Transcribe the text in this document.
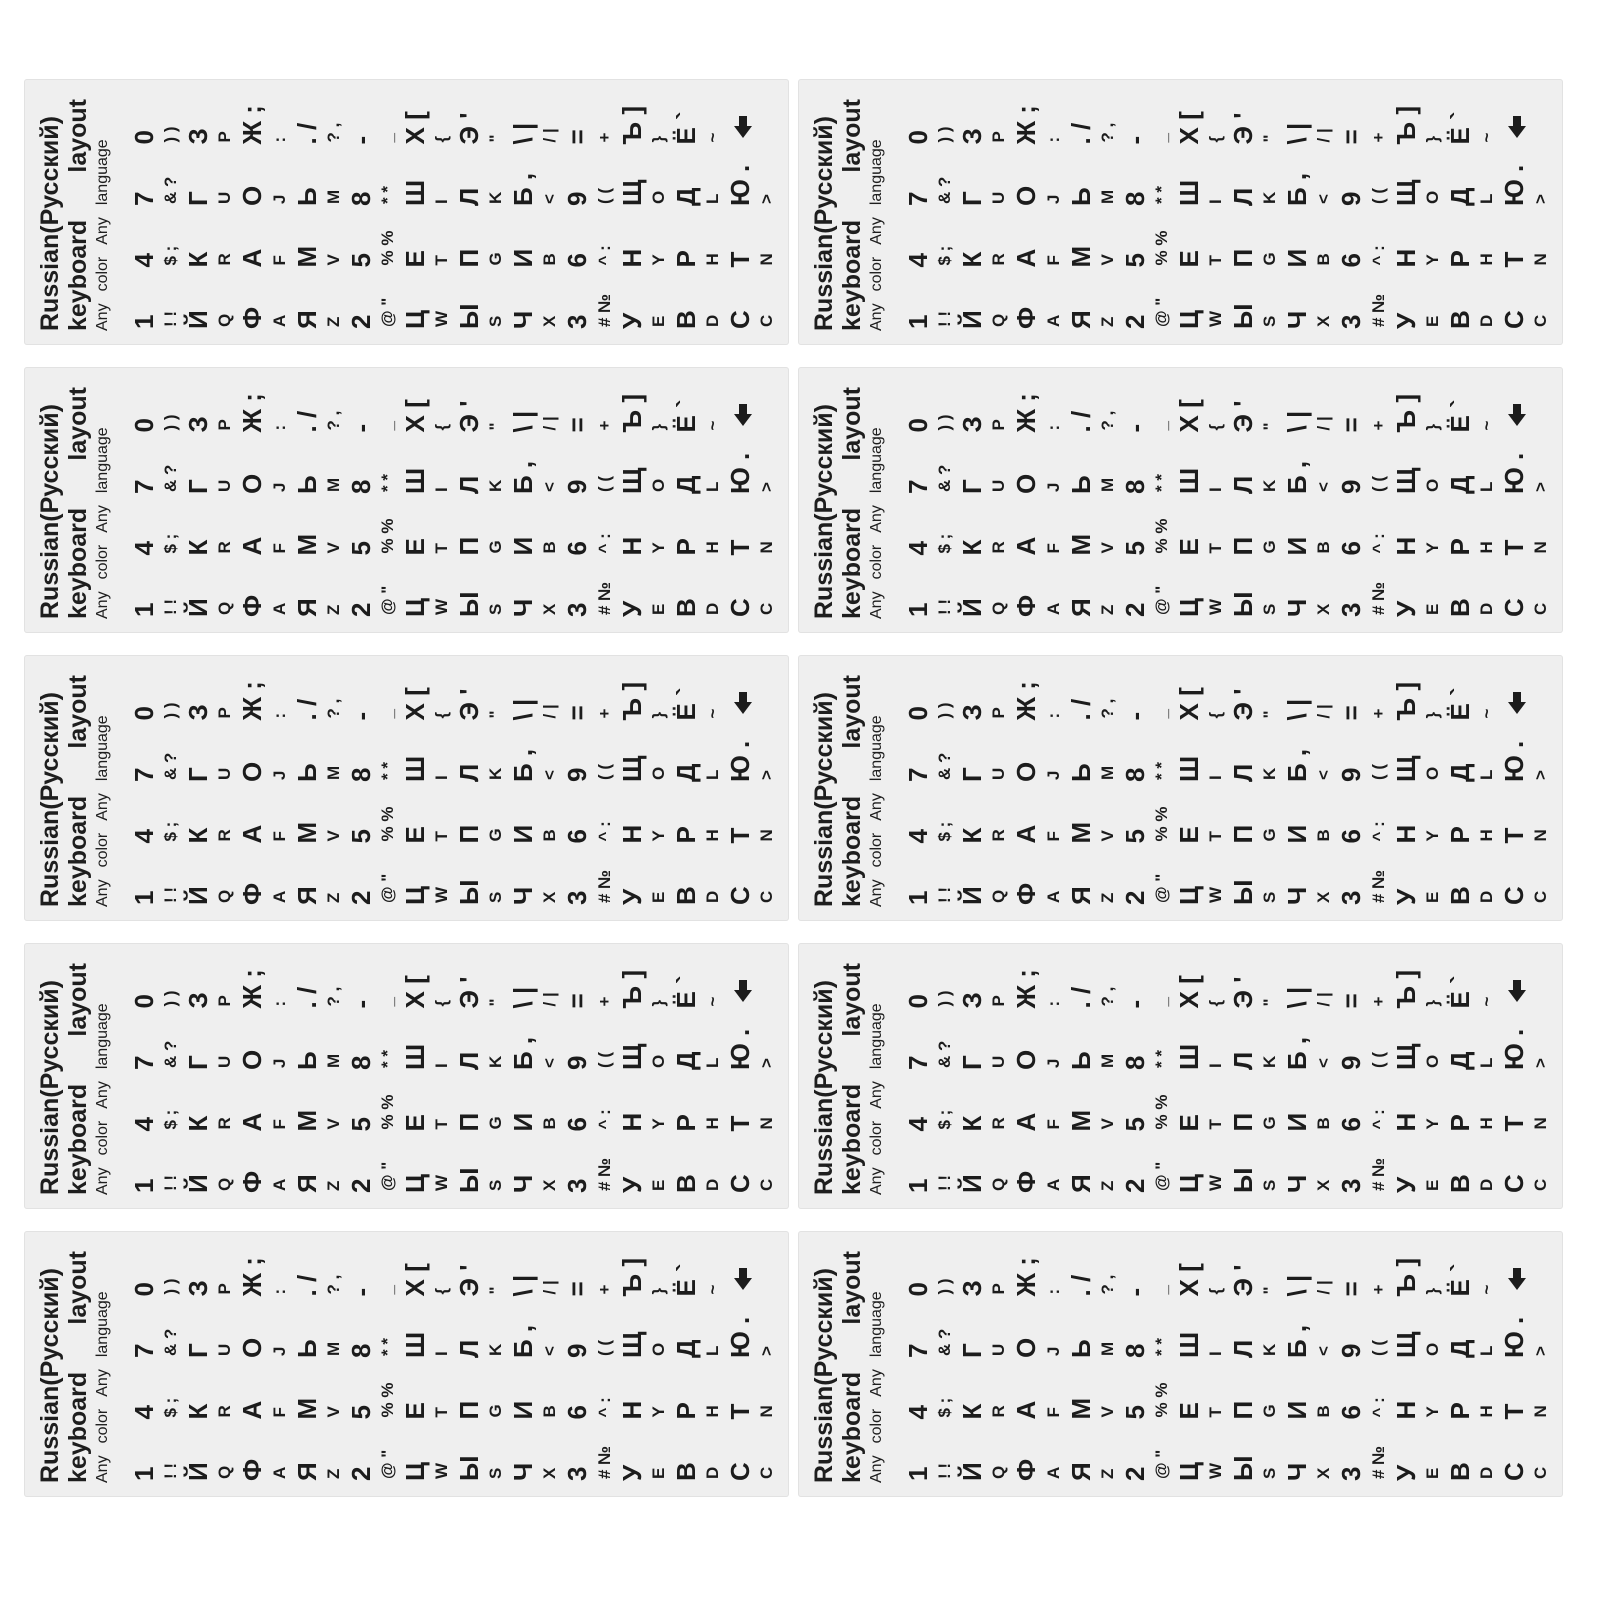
Russian(Русский) keyboard
layout
Any
color
Any
language
1 ! ! Й Q Ф A Я Z 2 @ " Ц W Ы S Ч X 3 # № У E В D С C
4 $ ; К R А F М V 5 % % Е T П G И B 6 ^ : Н Y Р H Т N
7 & ? Г U О J Ь M 8 * * Ш I Л K Б , < 9 ( ( Щ O Д L Ю . >
0 ) ) З P Ж ; : . / ? , - _ Х [ { Э ' " \ | / | = + Ъ ] } Ё ` ~	Russian(Русский) keyboard
layout
Any
color
Any
language
1 ! ! Й Q Ф A Я Z 2 @ " Ц W Ы S Ч X 3 # № У E В D С C
4 $ ; К R А F М V 5 % % Е T П G И B 6 ^ : Н Y Р H Т N
7 & ? Г U О J Ь M 8 * * Ш I Л K Б , < 9 ( ( Щ O Д L Ю . >
0 ) ) З P Ж ; : . / ? , - _ Х [ { Э ' " \ | / | = + Ъ ] } Ё ` ~
Russian(Русский) keyboard
layout
Any
color
Any
language
1 ! ! Й Q Ф A Я Z 2 @ " Ц W Ы S Ч X 3 # № У E В D С C
4 $ ; К R А F М V 5 % % Е T П G И B 6 ^ : Н Y Р H Т N
7 & ? Г U О J Ь M 8 * * Ш I Л K Б , < 9 ( ( Щ O Д L Ю . >
0 ) ) З P Ж ; : . / ? , - _ Х [ { Э ' " \ | / | = + Ъ ] } Ё ` ~	Russian(Русский) keyboard
layout
Any
color
Any
language
1 ! ! Й Q Ф A Я Z 2 @ " Ц W Ы S Ч X 3 # № У E В D С C
4 $ ; К R А F М V 5 % % Е T П G И B 6 ^ : Н Y Р H Т N
7 & ? Г U О J Ь M 8 * * Ш I Л K Б , < 9 ( ( Щ O Д L Ю . >
0 ) ) З P Ж ; : . / ? , - _ Х [ { Э ' " \ | / | = + Ъ ] } Ё ` ~
Russian(Русский) keyboard
layout
Any
color
Any
language
1 ! ! Й Q Ф A Я Z 2 @ " Ц W Ы S Ч X 3 # № У E В D С C
4 $ ; К R А F М V 5 % % Е T П G И B 6 ^ : Н Y Р H Т N
7 & ? Г U О J Ь M 8 * * Ш I Л K Б , < 9 ( ( Щ O Д L Ю . >
0 ) ) З P Ж ; : . / ? , - _ Х [ { Э ' " \ | / | = + Ъ ] } Ё ` ~	Russian(Русский) keyboard
layout
Any
color
Any
language
1 ! ! Й Q Ф A Я Z 2 @ " Ц W Ы S Ч X 3 # № У E В D С C
4 $ ; К R А F М V 5 % % Е T П G И B 6 ^ : Н Y Р H Т N
7 & ? Г U О J Ь M 8 * * Ш I Л K Б , < 9 ( ( Щ O Д L Ю . >
0 ) ) З P Ж ; : . / ? , - _ Х [ { Э ' " \ | / | = + Ъ ] } Ё ` ~
Russian(Русский) keyboard
layout
Any
color
Any
language
1 ! ! Й Q Ф A Я Z 2 @ " Ц W Ы S Ч X 3 # № У E В D С C
4 $ ; К R А F М V 5 % % Е T П G И B 6 ^ : Н Y Р H Т N
7 & ? Г U О J Ь M 8 * * Ш I Л K Б , < 9 ( ( Щ O Д L Ю . >
0 ) ) З P Ж ; : . / ? , - _ Х [ { Э ' " \ | / | = + Ъ ] } Ё ` ~	Russian(Русский) keyboard
layout
Any
color
Any
language
1 ! ! Й Q Ф A Я Z 2 @ " Ц W Ы S Ч X 3 # № У E В D С C
4 $ ; К R А F М V 5 % % Е T П G И B 6 ^ : Н Y Р H Т N
7 & ? Г U О J Ь M 8 * * Ш I Л K Б , < 9 ( ( Щ O Д L Ю . >
0 ) ) З P Ж ; : . / ? , - _ Х [ { Э ' " \ | / | = + Ъ ] } Ё ` ~
Russian(Русский) keyboard
layout
Any
color
Any
language
1 ! ! Й Q Ф A Я Z 2 @ " Ц W Ы S Ч X 3 # № У E В D С C
4 $ ; К R А F М V 5 % % Е T П G И B 6 ^ : Н Y Р H Т N
7 & ? Г U О J Ь M 8 * * Ш I Л K Б , < 9 ( ( Щ O Д L Ю . >
0 ) ) З P Ж ; : . / ? , - _ Х [ { Э ' " \ | / | = + Ъ ] } Ё ` ~	Russian(Русский) keyboard
layout
Any
color
Any
language
1 ! ! Й Q Ф A Я Z 2 @ " Ц W Ы S Ч X 3 # № У E В D С C
4 $ ; К R А F М V 5 % % Е T П G И B 6 ^ : Н Y Р H Т N
7 & ? Г U О J Ь M 8 * * Ш I Л K Б , < 9 ( ( Щ O Д L Ю . >
0 ) ) З P Ж ; : . / ? , - _ Х [ { Э ' " \ | / | = + Ъ ] } Ё ` ~
